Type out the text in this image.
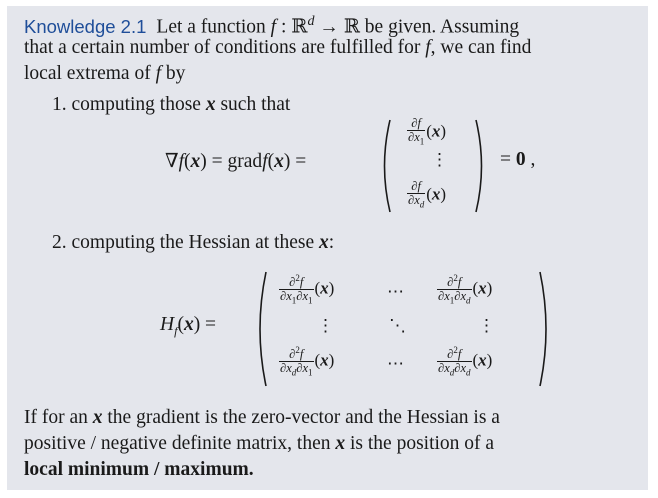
Knowledge 2.1 Let a function f : ℝ$^d$ → ℝ be given. Assuming
that a certain number of conditions are fulfilled for f, we can find
local extrema of f by
1. computing those x such that
∇f(x) = gradf(x) =
$\frac{\partial f}{\partial x_1} (x)$
⋮
$\frac{\partial f}{\partial x_d} (x)$
= 0 ,
2. computing the Hessian at these x:
$H_f(x)$ =
$\frac{\partial^2f}{\partial x_1\partial x_1} (x)$	⋯	$\frac{\partial^2f}{\partial x_1\partial x_d} (x)$
⋮	⋱	⋮
$\frac{\partial^2f}{\partial x_d\partial x_1} (x)$	⋯	$\frac{\partial^2f}{\partial x_d\partial x_d} (x)$
If for an x the gradient is the zero-vector and the Hessian is a
positive / negative definite matrix, then x is the position of a
local minimum / maximum.
